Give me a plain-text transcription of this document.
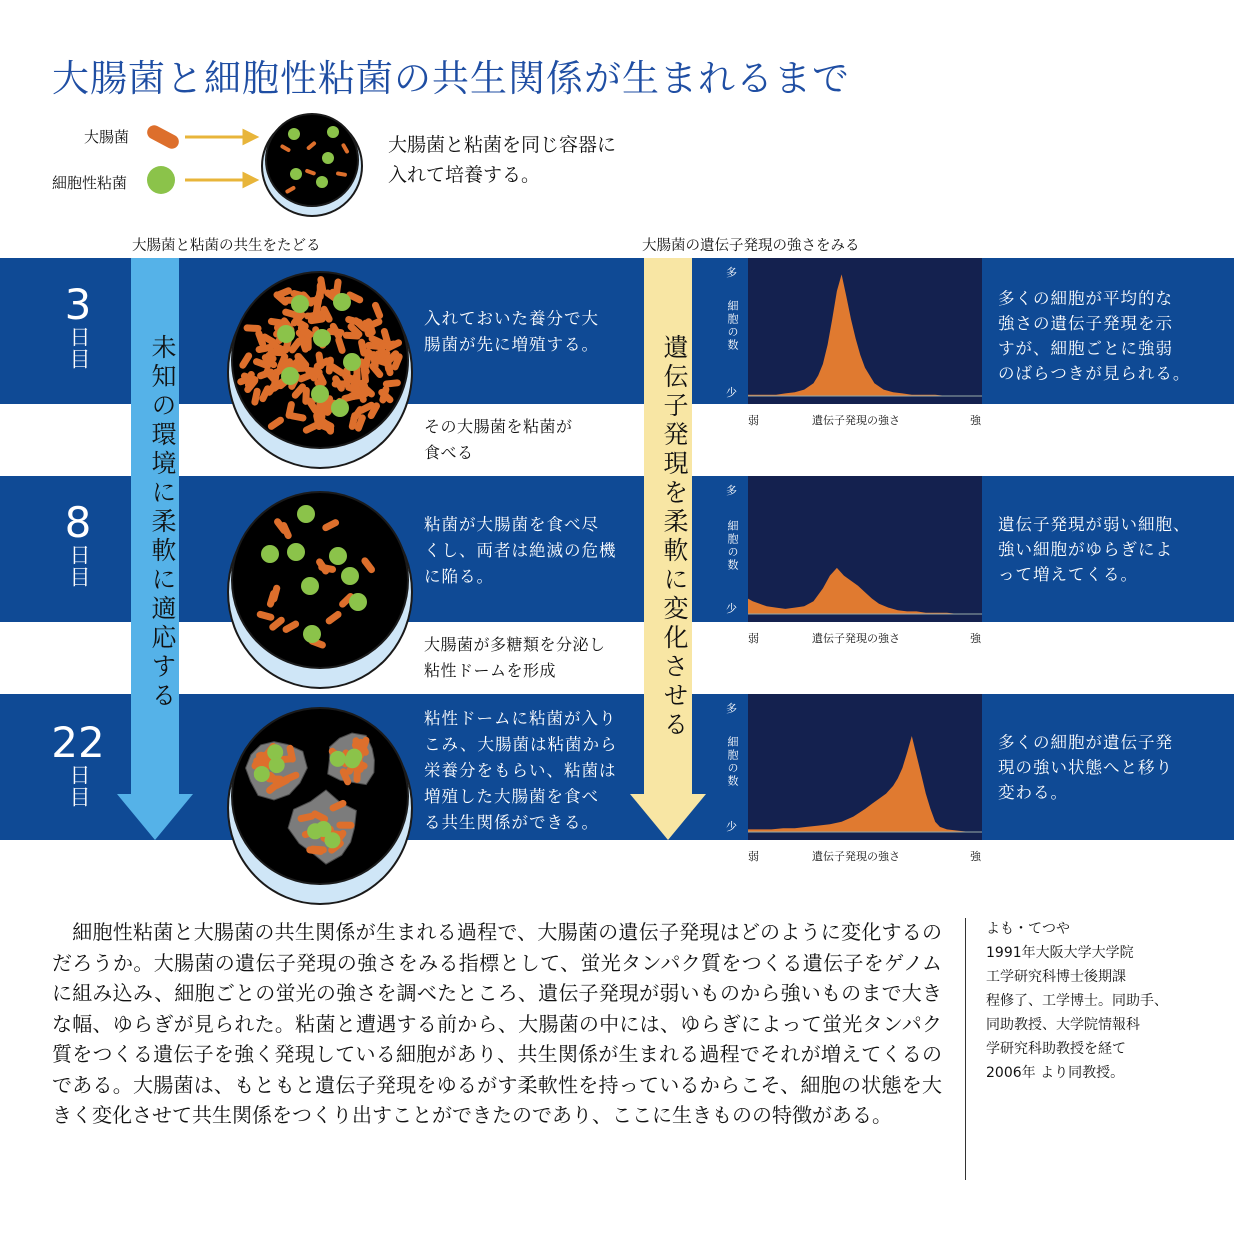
大腸菌と細胞性粘菌の共生関係が生まれるまで
大腸菌
細胞性粘菌
大腸菌と粘菌を同じ容器に
入れて培養する。
大腸菌と粘菌の共生をたどる	大腸菌の遺伝子発現の強さをみる
未知の環境に柔軟に適応する	遺伝子発現を柔軟に変化させる
3
日目
8
日目
22
日目
入れておいた養分で大
腸菌が先に増殖する。
粘菌が大腸菌を食べ尽
くし、両者は絶滅の危機
に陥る。
粘性ドームに粘菌が入り
こみ、大腸菌は粘菌から
栄養分をもらい、粘菌は
増殖した大腸菌を食べ
る共生関係ができる。
その大腸菌を粘菌が
食べる
大腸菌が多糖類を分泌し
粘性ドームを形成
多
細胞の数
少
多
細胞の数
少
多
細胞の数
少
弱	遺伝子発現の強さ	強
弱	遺伝子発現の強さ	強
弱	遺伝子発現の強さ	強
多くの細胞が平均的な
強さの遺伝子発現を示
すが、細胞ごとに強弱
のばらつきが見られる。
遺伝子発現が弱い細胞、
強い細胞がゆらぎによ
って増えてくる。
多くの細胞が遺伝子発
現の強い状態へと移り
変わる。
　細胞性粘菌と大腸菌の共生関係が生まれる過程で、大腸菌の遺伝子発現はどのように変化するのだろうか。大腸菌の遺伝子発現の強さをみる指標として、蛍光タンパク質をつくる遺伝子をゲノムに組み込み、細胞ごとの蛍光の強さを調べたところ、遺伝子発現が弱いものから強いものまで大きな幅、ゆらぎが見られた。粘菌と遭遇する前から、大腸菌の中には、ゆらぎによって蛍光タンパク質をつくる遺伝子を強く発現している細胞があり、共生関係が生まれる過程でそれが増えてくるのである。大腸菌は、もともと遺伝子発現をゆるがす柔軟性を持っているからこそ、細胞の状態を大きく変化させて共生関係をつくり出すことができたのであり、ここに生きものの特徴がある。
よも・てつや
1991年大阪大学大学院
工学研究科博士後期課
程修了、工学博士。同助手、
同助教授、大学院情報科
学研究科助教授を経て
2006年 より同教授。
